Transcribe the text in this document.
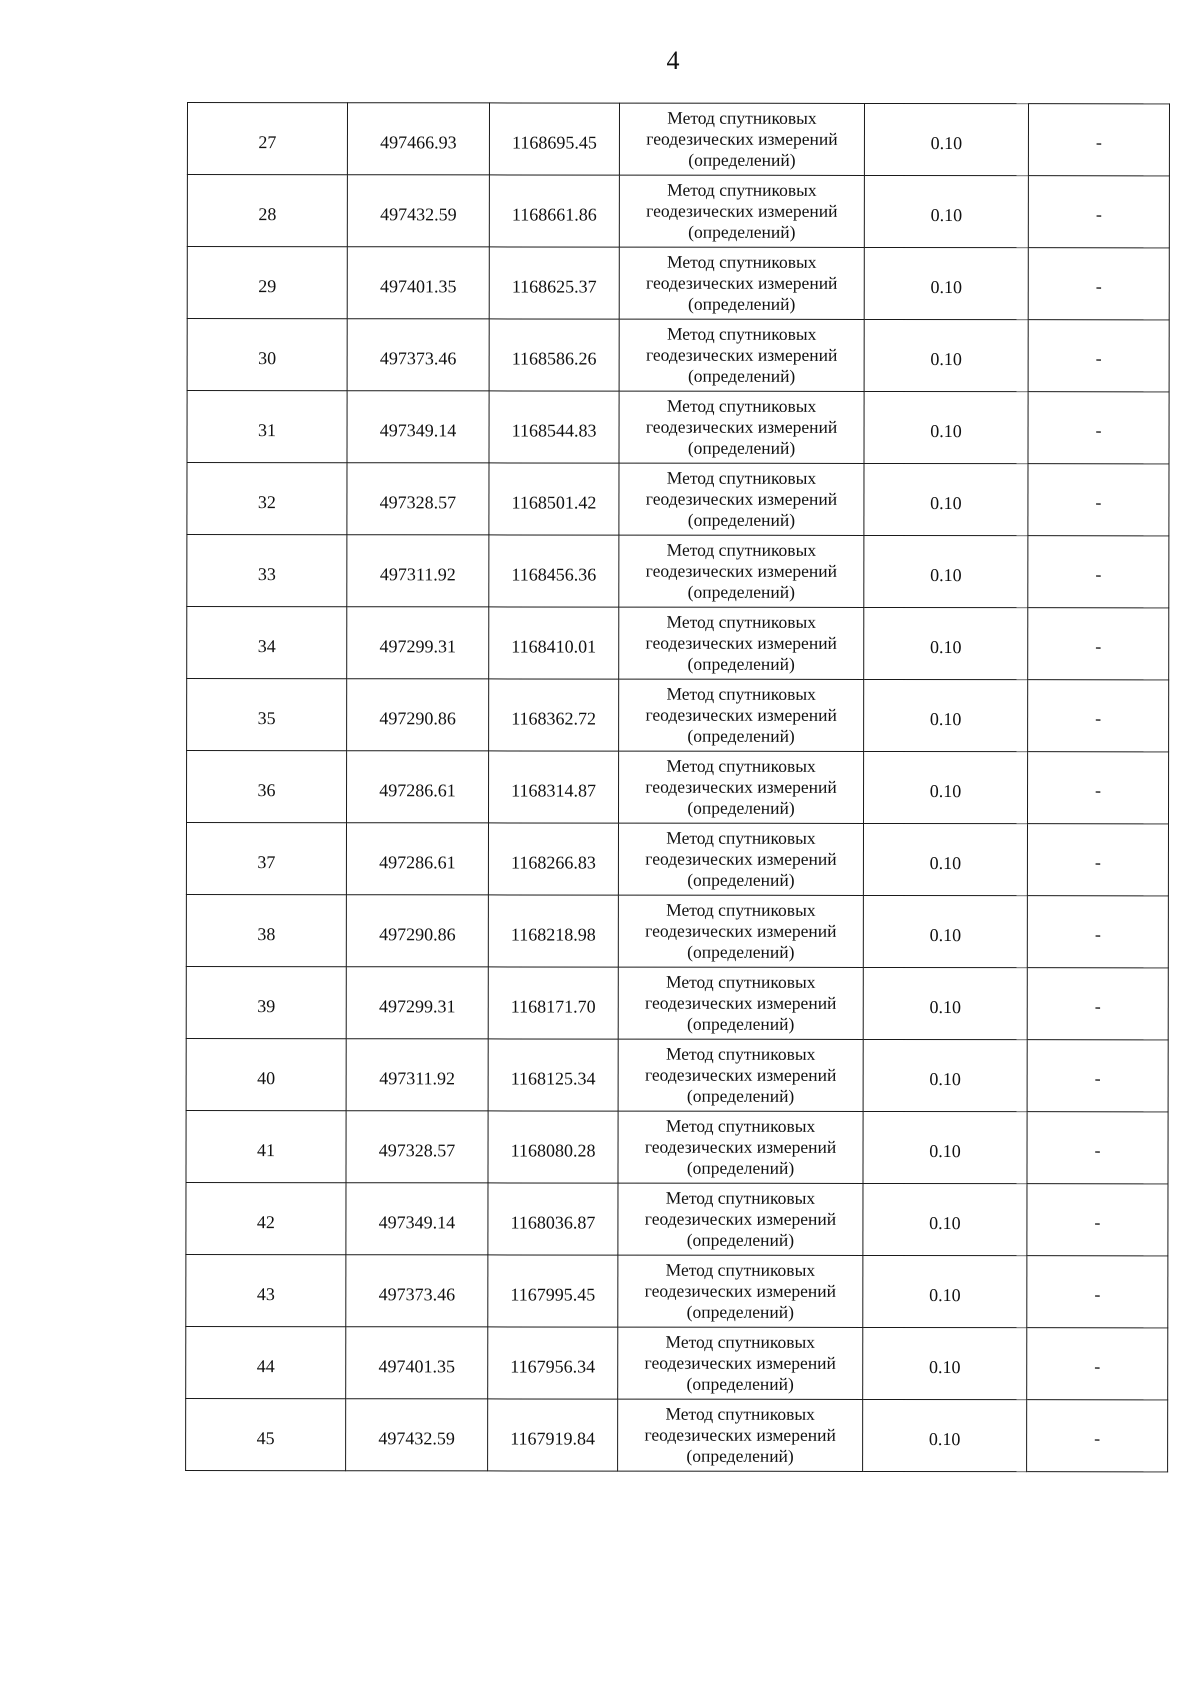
4
27	497466.93	1168695.45	Метод спутниковых
геодезических измерений
(определений)	0.10	-
28	497432.59	1168661.86	Метод спутниковых
геодезических измерений
(определений)	0.10	-
29	497401.35	1168625.37	Метод спутниковых
геодезических измерений
(определений)	0.10	-
30	497373.46	1168586.26	Метод спутниковых
геодезических измерений
(определений)	0.10	-
31	497349.14	1168544.83	Метод спутниковых
геодезических измерений
(определений)	0.10	-
32	497328.57	1168501.42	Метод спутниковых
геодезических измерений
(определений)	0.10	-
33	497311.92	1168456.36	Метод спутниковых
геодезических измерений
(определений)	0.10	-
34	497299.31	1168410.01	Метод спутниковых
геодезических измерений
(определений)	0.10	-
35	497290.86	1168362.72	Метод спутниковых
геодезических измерений
(определений)	0.10	-
36	497286.61	1168314.87	Метод спутниковых
геодезических измерений
(определений)	0.10	-
37	497286.61	1168266.83	Метод спутниковых
геодезических измерений
(определений)	0.10	-
38	497290.86	1168218.98	Метод спутниковых
геодезических измерений
(определений)	0.10	-
39	497299.31	1168171.70	Метод спутниковых
геодезических измерений
(определений)	0.10	-
40	497311.92	1168125.34	Метод спутниковых
геодезических измерений
(определений)	0.10	-
41	497328.57	1168080.28	Метод спутниковых
геодезических измерений
(определений)	0.10	-
42	497349.14	1168036.87	Метод спутниковых
геодезических измерений
(определений)	0.10	-
43	497373.46	1167995.45	Метод спутниковых
геодезических измерений
(определений)	0.10	-
44	497401.35	1167956.34	Метод спутниковых
геодезических измерений
(определений)	0.10	-
45	497432.59	1167919.84	Метод спутниковых
геодезических измерений
(определений)	0.10	-
